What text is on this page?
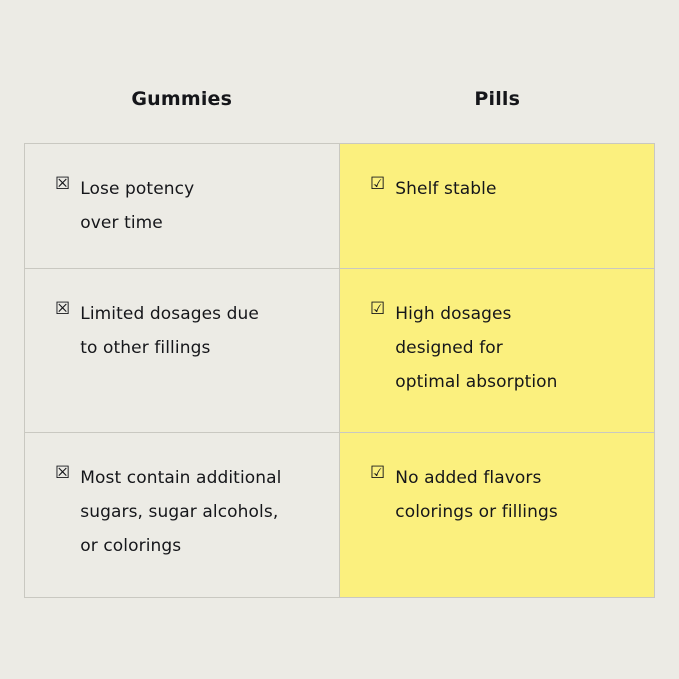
Gummies	Pills
☒ Lose potency
over time
☑ Shelf stable
☒ Limited dosages due
to other fillings
☑ High dosages
designed for
optimal absorption
☒ Most contain additional
sugars, sugar alcohols,
or colorings
☑ No added flavors
colorings or fillings
